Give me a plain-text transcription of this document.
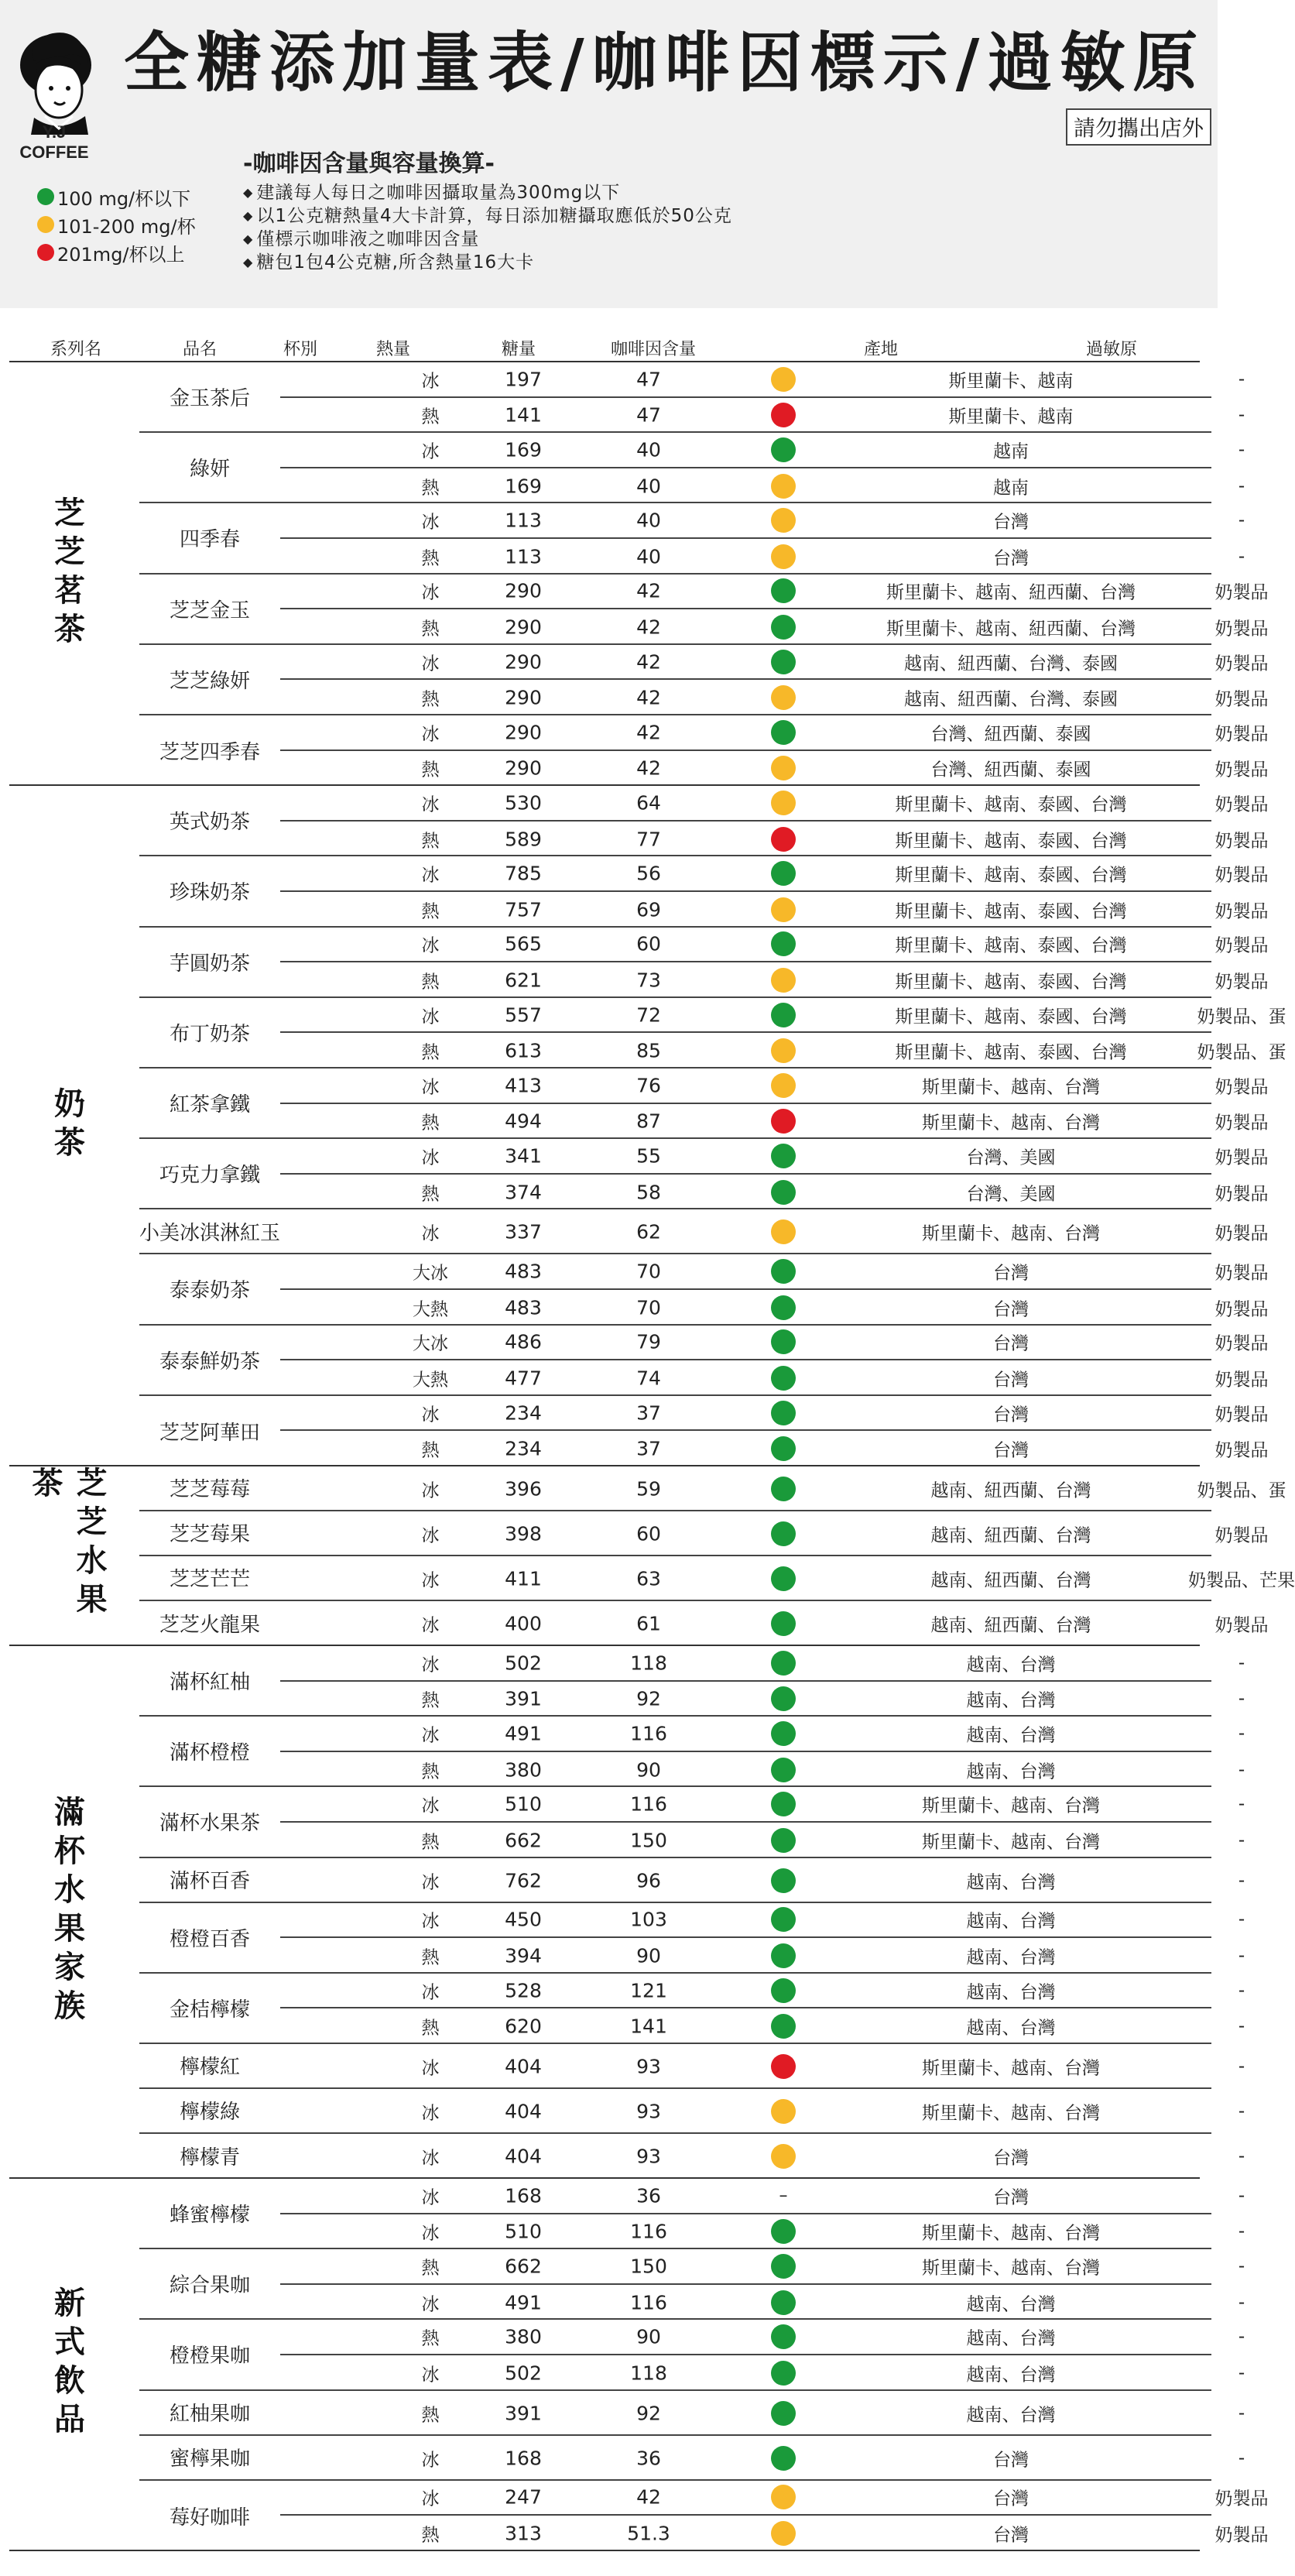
Y.J COFFEE
全糖添加量表/咖啡因標示/過敏原
請勿攜出店外
100 mg/杯以下
101-200 mg/杯
201mg/杯以上
-咖啡因含量與容量換算-
◆ 建議每人每日之咖啡因攝取量為300mg以下
◆ 以1公克糖熱量4大卡計算，每日添加糖攝取應低於50公克
◆ 僅標示咖啡液之咖啡因含量
◆ 糖包1包4公克糖,所含熱量16大卡
系列名	品名	杯別	熱量	糖量	咖啡因含量	產地	過敏原
芝芝茗茶
金玉茶后
冰	197	47	斯里蘭卡、越南	-
熱	141	47	斯里蘭卡、越南	-
綠妍
冰	169	40	越南	-
熱	169	40	越南	-
四季春
冰	113	40	台灣	-
熱	113	40	台灣	-
芝芝金玉
冰	290	42	斯里蘭卡、越南、紐西蘭、台灣	奶製品
熱	290	42	斯里蘭卡、越南、紐西蘭、台灣	奶製品
芝芝綠妍
冰	290	42	越南、紐西蘭、台灣、泰國	奶製品
熱	290	42	越南、紐西蘭、台灣、泰國	奶製品
芝芝四季春
冰	290	42	台灣、紐西蘭、泰國	奶製品
熱	290	42	台灣、紐西蘭、泰國	奶製品
奶茶
英式奶茶
冰	530	64	斯里蘭卡、越南、泰國、台灣	奶製品
熱	589	77	斯里蘭卡、越南、泰國、台灣	奶製品
珍珠奶茶
冰	785	56	斯里蘭卡、越南、泰國、台灣	奶製品
熱	757	69	斯里蘭卡、越南、泰國、台灣	奶製品
芋圓奶茶
冰	565	60	斯里蘭卡、越南、泰國、台灣	奶製品
熱	621	73	斯里蘭卡、越南、泰國、台灣	奶製品
布丁奶茶
冰	557	72	斯里蘭卡、越南、泰國、台灣	奶製品、蛋
熱	613	85	斯里蘭卡、越南、泰國、台灣	奶製品、蛋
紅茶拿鐵
冰	413	76	斯里蘭卡、越南、台灣	奶製品
熱	494	87	斯里蘭卡、越南、台灣	奶製品
巧克力拿鐵
冰	341	55	台灣、美國	奶製品
熱	374	58	台灣、美國	奶製品
小美冰淇淋紅玉	冰	337	62	斯里蘭卡、越南、台灣	奶製品
泰泰奶茶
大冰	483	70	台灣	奶製品
大熱	483	70	台灣	奶製品
泰泰鮮奶茶
大冰	486	79	台灣	奶製品
大熱	477	74	台灣	奶製品
芝芝阿華田
冰	234	37	台灣	奶製品
熱	234	37	台灣	奶製品
芝芝水果茶	芝芝莓莓	冰	396	59	越南、紐西蘭、台灣	奶製品、蛋
芝芝莓果	冰	398	60	越南、紐西蘭、台灣	奶製品
芝芝芒芒	冰	411	63	越南、紐西蘭、台灣	奶製品、芒果
芝芝火龍果	冰	400	61	越南、紐西蘭、台灣	奶製品
滿杯水果家族
滿杯紅柚
冰	502	118	越南、台灣	-
熱	391	92	越南、台灣	-
滿杯橙橙
冰	491	116	越南、台灣	-
熱	380	90	越南、台灣	-
滿杯水果茶
冰	510	116	斯里蘭卡、越南、台灣	-
熱	662	150	斯里蘭卡、越南、台灣	-
滿杯百香	冰	762	96	越南、台灣	-
橙橙百香
冰	450	103	越南、台灣	-
熱	394	90	越南、台灣	-
金桔檸檬
冰	528	121	越南、台灣	-
熱	620	141	越南、台灣	-
檸檬紅	冰	404	93	斯里蘭卡、越南、台灣	-
檸檬綠	冰	404	93	斯里蘭卡、越南、台灣	-
檸檬青	冰	404	93	台灣	-
新式飲品
蜂蜜檸檬
冰	168	36	–	台灣	-
冰	510	116	斯里蘭卡、越南、台灣	-
綜合果咖
熱	662	150	斯里蘭卡、越南、台灣	-
冰	491	116	越南、台灣	-
橙橙果咖
熱	380	90	越南、台灣	-
冰	502	118	越南、台灣	-
紅柚果咖	熱	391	92	越南、台灣	-
蜜檸果咖	冰	168	36	台灣	-
莓好咖啡
冰	247	42	台灣	奶製品
熱	313	51.3	台灣	奶製品
